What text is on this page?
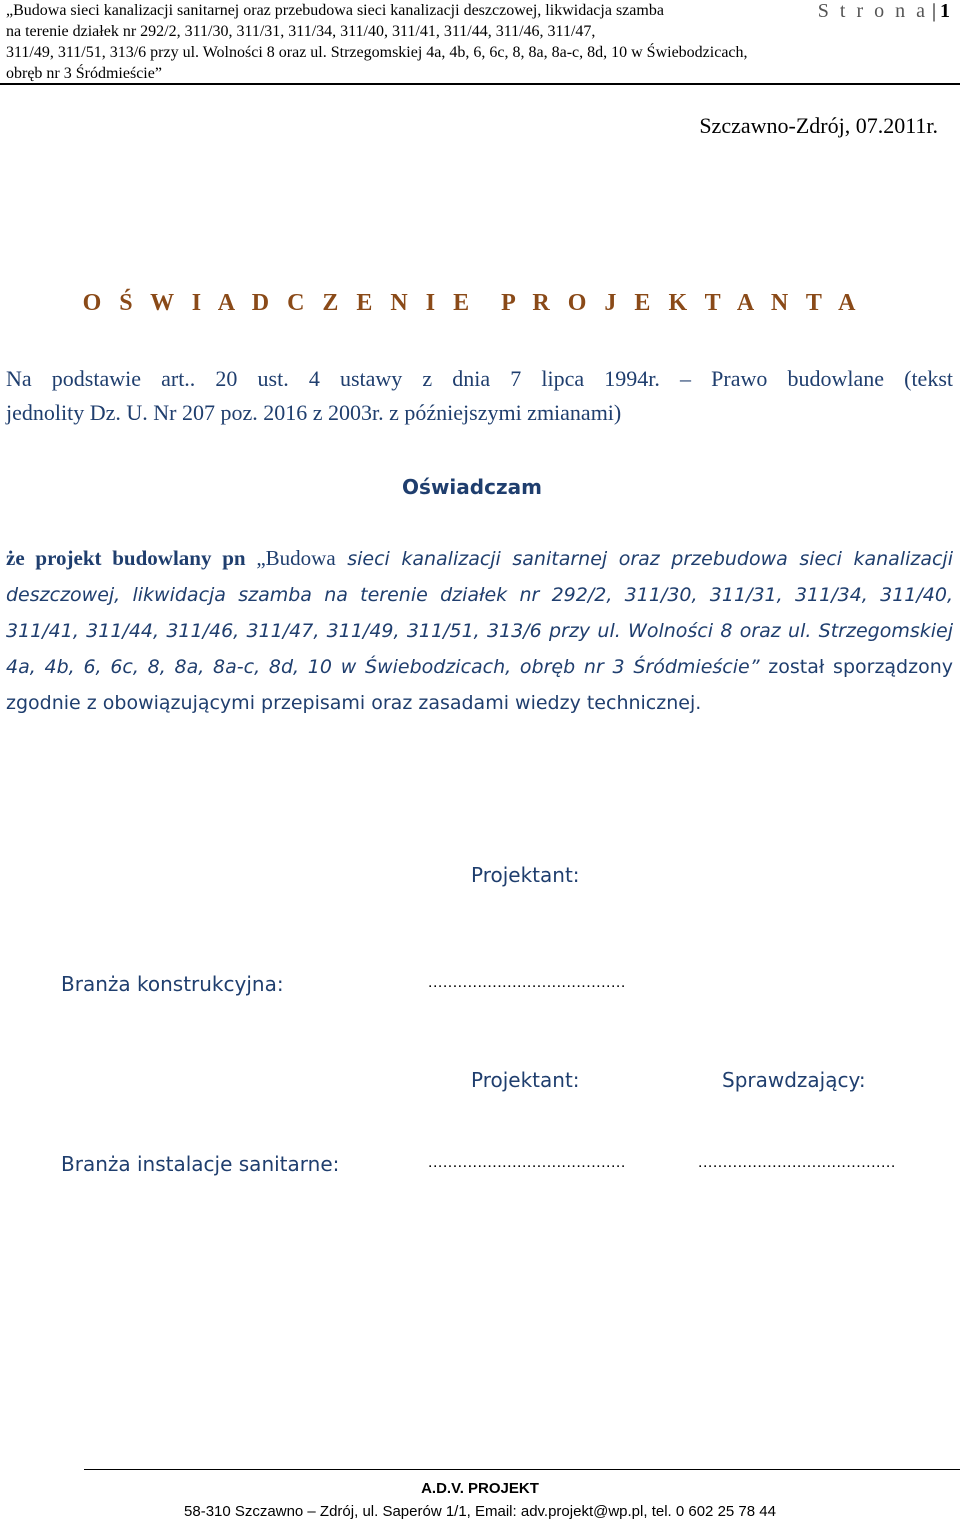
„Budowa sieci kanalizacji sanitarnej oraz przebudowa sieci kanalizacji deszczowej, likwidacja szamba
na terenie działek nr 292/2, 311/30, 311/31, 311/34, 311/40, 311/41, 311/44, 311/46, 311/47,
311/49, 311/51, 313/6 przy ul. Wolności 8 oraz ul. Strzegomskiej 4a, 4b, 6, 6c, 8, 8a, 8a-c, 8d, 10 w Świebodzicach,
obręb nr 3 Śródmieście”
S t r o n a | 1
Szczawno-Zdrój, 07.2011r.
O Ś W I A D C Z E N I E P R O J E K T A N T A
Na podstawie art.. 20 ust. 4 ustawy z dnia 7 lipca 1994r. – Prawo budowlane (tekst
jednolity Dz. U. Nr 207 poz. 2016 z 2003r. z późniejszymi zmianami)
Oświadczam
że projekt budowlany pn „Budowa sieci kanalizacji sanitarnej oraz przebudowa sieci kanalizacji deszczowej, likwidacja szamba na terenie działek nr 292/2, 311/30, 311/31, 311/34, 311/40, 311/41, 311/44, 311/46, 311/47, 311/49, 311/51, 313/6 przy ul. Wolności 8 oraz ul. Strzegomskiej 4a, 4b, 6, 6c, 8, 8a, 8a-c, 8d, 10 w Świebodzicach, obręb nr 3 Śródmieście” został sporządzony zgodnie z obowiązującymi przepisami oraz zasadami wiedzy technicznej.
Projektant:
Branża konstrukcyjna:	........................................
Projektant:	Sprawdzający:
Branża instalacje sanitarne:	........................................	........................................
A.D.V. PROJEKT
58-310 Szczawno – Zdrój, ul. Saperów 1/1, Email: adv.projekt@wp.pl, tel. 0 602 25 78 44
